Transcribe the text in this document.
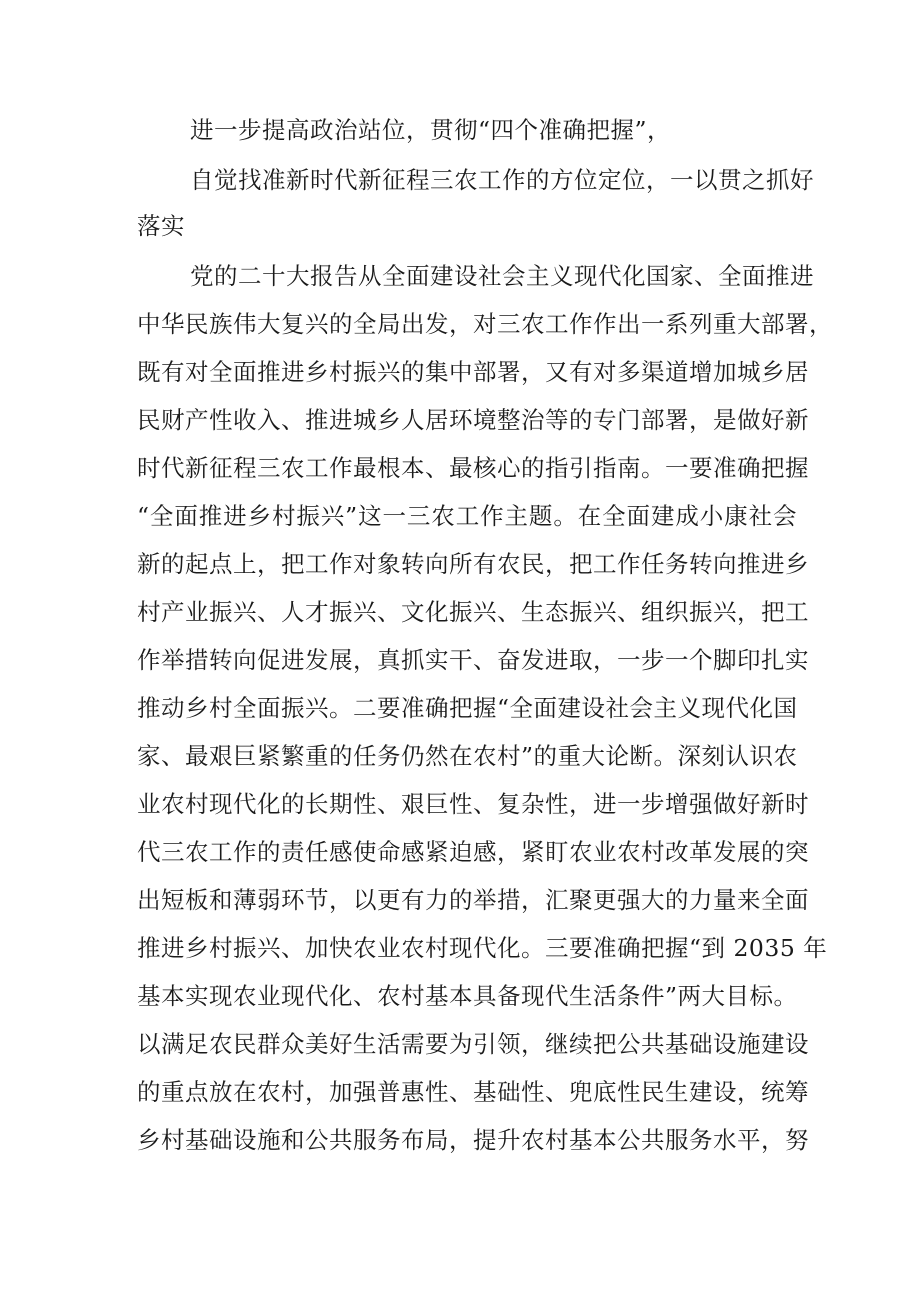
进一步提高政治站位，贯彻“四个准确把握”，
自觉找准新时代新征程三农工作的方位定位，一以贯之抓好
落实
党的二十大报告从全面建设社会主义现代化国家、全面推进
中华民族伟大复兴的全局出发，对三农工作作出一系列重大部署，
既有对全面推进乡村振兴的集中部署，又有对多渠道增加城乡居
民财产性收入、推进城乡人居环境整治等的专门部署，是做好新
时代新征程三农工作最根本、最核心的指引指南。一要准确把握
“全面推进乡村振兴”这一三农工作主题。在全面建成小康社会
新的起点上，把工作对象转向所有农民，把工作任务转向推进乡
村产业振兴、人才振兴、文化振兴、生态振兴、组织振兴，把工
作举措转向促进发展，真抓实干、奋发进取，一步一个脚印扎实
推动乡村全面振兴。二要准确把握“全面建设社会主义现代化国
家、最艰巨紧繁重的任务仍然在农村”的重大论断。深刻认识农
业农村现代化的长期性、艰巨性、复杂性，进一步增强做好新时
代三农工作的责任感使命感紧迫感，紧盯农业农村改革发展的突
出短板和薄弱环节，以更有力的举措，汇聚更强大的力量来全面
推进乡村振兴、加快农业农村现代化。三要准确把握“到 2035 年
基本实现农业现代化、农村基本具备现代生活条件”两大目标。
以满足农民群众美好生活需要为引领，继续把公共基础设施建设
的重点放在农村，加强普惠性、基础性、兜底性民生建设，统筹
乡村基础设施和公共服务布局，提升农村基本公共服务水平，努
